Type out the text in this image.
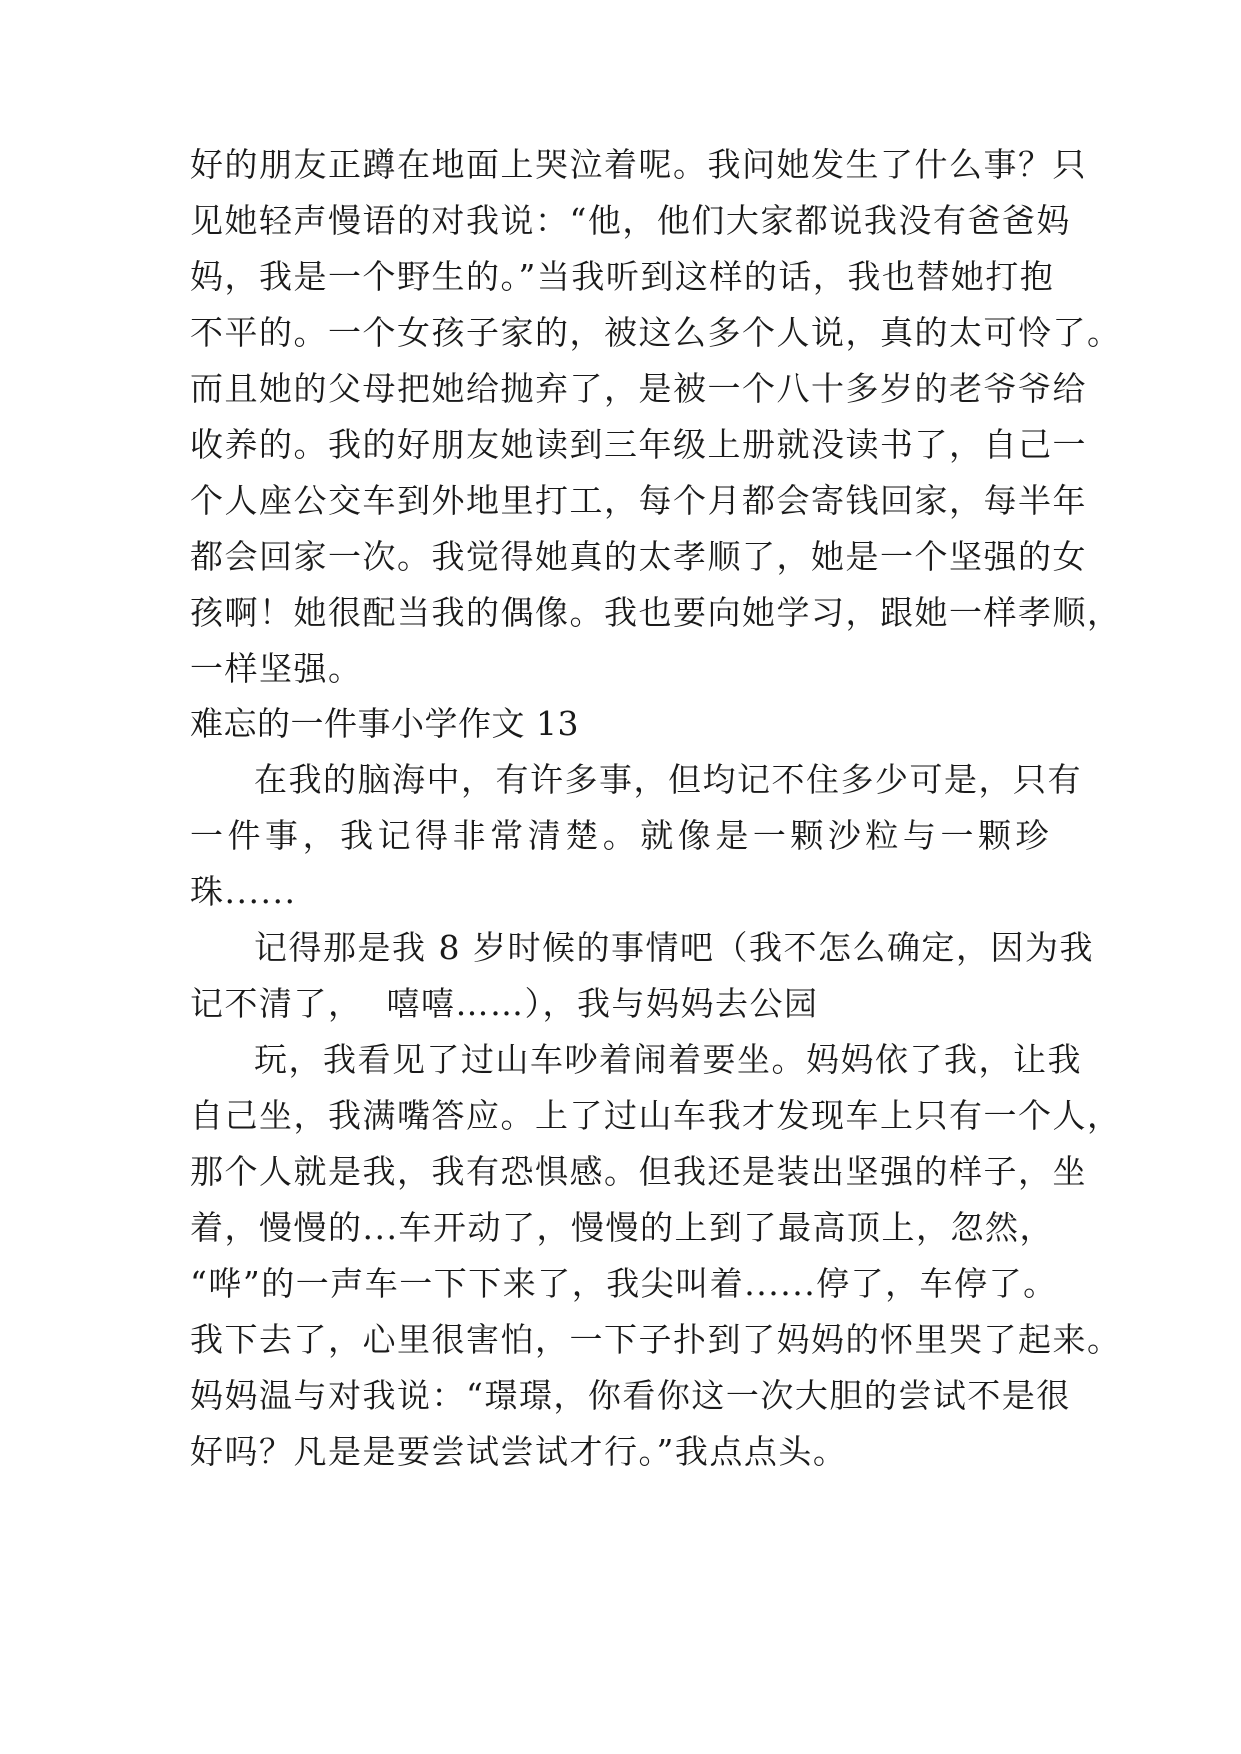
好的朋友正蹲在地面上哭泣着呢。我问她发生了什么事？只
见她轻声慢语的对我说：“他，他们大家都说我没有爸爸妈
妈，我是一个野生的。”当我听到这样的话，我也替她打抱
不平的。一个女孩子家的，被这么多个人说，真的太可怜了。
而且她的父母把她给抛弃了，是被一个八十多岁的老爷爷给
收养的。我的好朋友她读到三年级上册就没读书了，自己一
个人座公交车到外地里打工，每个月都会寄钱回家，每半年
都会回家一次。我觉得她真的太孝顺了，她是一个坚强的女
孩啊！她很配当我的偶像。我也要向她学习，跟她一样孝顺，
一样坚强。
难忘的一件事小学作文 13
在我的脑海中，有许多事，但均记不住多少可是，只有
一件事，我记得非常清楚。就像是一颗沙粒与一颗珍
珠......
记得那是我 8 岁时候的事情吧（我不怎么确定，因为我
记不清了，  嘻嘻……），我与妈妈去公园
玩，我看见了过山车吵着闹着要坐。妈妈依了我，让我
自己坐，我满嘴答应。上了过山车我才发现车上只有一个人，
那个人就是我，我有恐惧感。但我还是装出坚强的样子，坐
着，慢慢的...车开动了，慢慢的上到了最高顶上，忽然，
“哗”的一声车一下下来了，我尖叫着......停了，车停了。
我下去了，心里很害怕，一下子扑到了妈妈的怀里哭了起来。
妈妈温与对我说：“璟璟，你看你这一次大胆的尝试不是很
好吗？凡是是要尝试尝试才行。”我点点头。
